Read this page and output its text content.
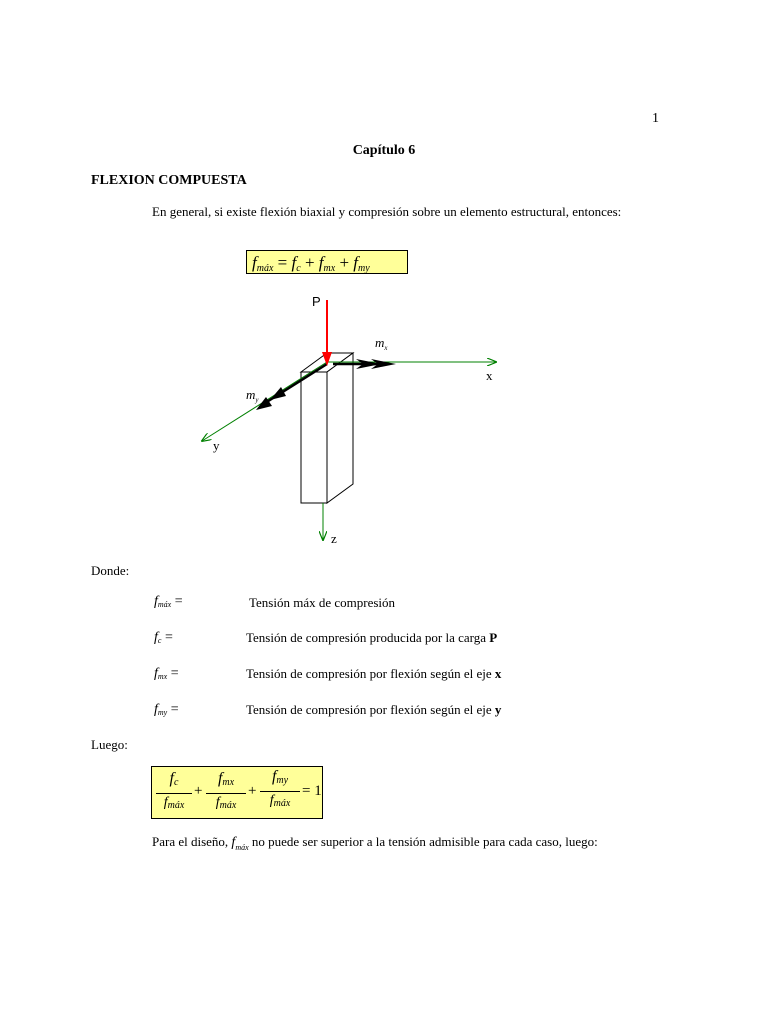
1
Capítulo 6
FLEXION COMPUESTA
En general, si existe flexión biaxial y compresión sobre un elemento estructural, entonces:
$f_{máx} = f_c + f_{mx} + f_{my}$
P
$m_x$
$m_y$
x
y
z
Donde:
$f_{máx}$ =	Tensión máx de compresión
$f_c$ =	Tensión de compresión producida por la carga P
$f_{mx}$ =	Tensión de compresión por flexión según el eje x
$f_{my}$ =	Tensión de compresión por flexión según el eje y
Luego:
$f_c$
$f_{máx}$
+
$f_{mx}$
$f_{máx}$
+
$f_{my}$
$f_{máx}$
= 1
Para el diseño, $f_{máx}$ no puede ser superior a la tensión admisible para cada caso, luego:
